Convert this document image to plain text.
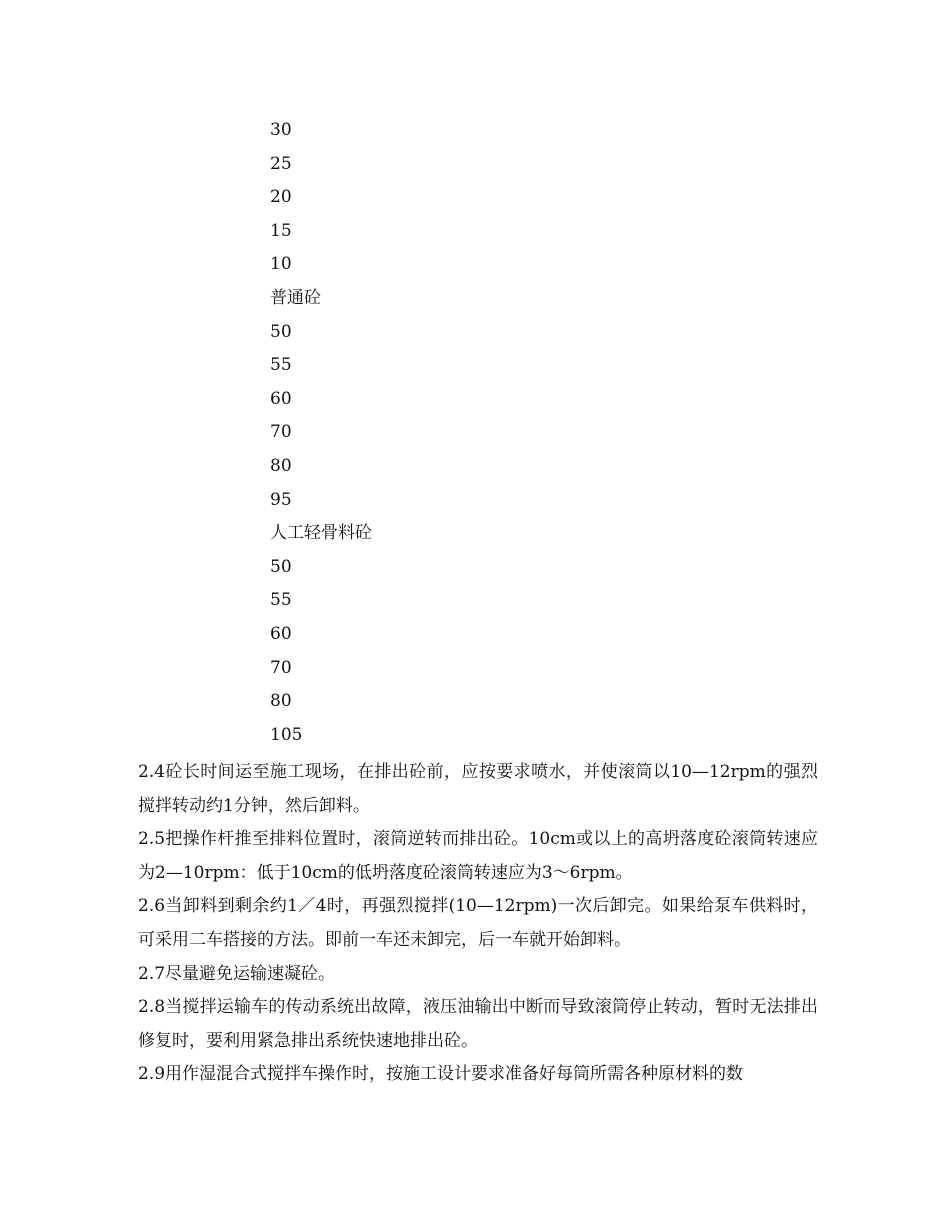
30
25
20
15
10
普通砼
50
55
60
70
80
95
人工轻骨料砼
50
55
60
70
80
105

2.4砼长时间运至施工现场，在排出砼前，应按要求喷水，并使滚筒以10—12rpm的强烈搅拌转动约1分钟，然后卸料。

2.5把操作杆推至排料位置时，滚筒逆转而排出砼。10cm或以上的高坍落度砼滚筒转速应为2—10rpm：低于10cm的低坍落度砼滚筒转速应为3～6rpm。

2.6当卸料到剩余约1／4时，再强烈搅拌(10—12rpm)一次后卸完。如果给泵车供料时，可采用二车搭接的方法。即前一车还未卸完，后一车就开始卸料。

2.7尽量避免运输速凝砼。

2.8当搅拌运输车的传动系统出故障，液压油输出中断而导致滚筒停止转动，暂时无法排出修复时，要利用紧急排出系统快速地排出砼。

2.9用作湿混合式搅拌车操作时，按施工设计要求准备好每筒所需各种原材料的数
